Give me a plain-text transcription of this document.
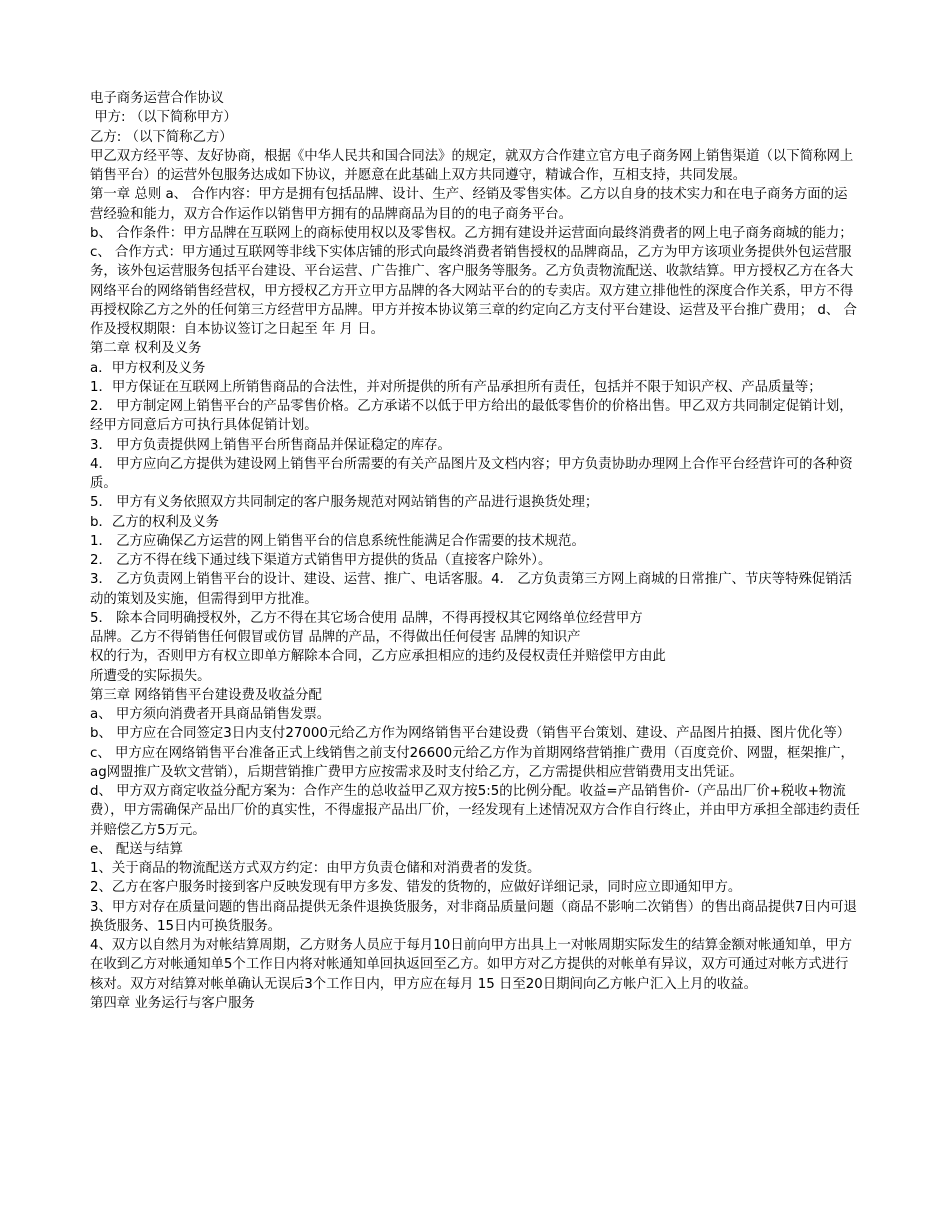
电子商务运营合作协议

甲方: （以下简称甲方）

乙方: （以下简称乙方）

甲乙双方经平等、友好协商，根据《中华人民共和国合同法》的规定，就双方合作建立官方电子商务网上销售渠道（以下简称网上销售平台）的运营外包服务达成如下协议，并愿意在此基础上双方共同遵守，精诚合作，互相支持，共同发展。

第一章 总则 a、 合作内容：甲方是拥有包括品牌、设计、生产、经销及零售实体。乙方以自身的技术实力和在电子商务方面的运营经验和能力，双方合作运作以销售甲方拥有的品牌商品为目的的电子商务平台。

b、 合作条件：甲方品牌在互联网上的商标使用权以及零售权。乙方拥有建设并运营面向最终消费者的网上电子商务商城的能力；

c、 合作方式：甲方通过互联网等非线下实体店铺的形式向最终消费者销售授权的品牌商品，乙方为甲方该项业务提供外包运营服务，该外包运营服务包括平台建设、平台运营、广告推广、客户服务等服务。乙方负责物流配送、收款结算。甲方授权乙方在各大网络平台的网络销售经营权，甲方授权乙方开立甲方品牌的各大网站平台的的专卖店。双方建立排他性的深度合作关系，甲方不得再授权除乙方之外的任何第三方经营甲方品牌。甲方并按本协议第三章的约定向乙方支付平台建设、运营及平台推广费用； d、 合作及授权期限：自本协议签订之日起至 年 月 日。

第二章 权利及义务

a．甲方权利及义务

1．甲方保证在互联网上所销售商品的合法性，并对所提供的所有产品承担所有责任，包括并不限于知识产权、产品质量等；

2． 甲方制定网上销售平台的产品零售价格。乙方承诺不以低于甲方给出的最低零售价的价格出售。甲乙双方共同制定促销计划，经甲方同意后方可执行具体促销计划。

3． 甲方负责提供网上销售平台所售商品并保证稳定的库存。

4． 甲方应向乙方提供为建设网上销售平台所需要的有关产品图片及文档内容；甲方负责协助办理网上合作平台经营许可的各种资质。

5． 甲方有义务依照双方共同制定的客户服务规范对网站销售的产品进行退换货处理；

b．乙方的权利及义务

1． 乙方应确保乙方运营的网上销售平台的信息系统性能满足合作需要的技术规范。

2． 乙方不得在线下通过线下渠道方式销售甲方提供的货品（直接客户除外）。

3． 乙方负责网上销售平台的设计、建设、运营、推广、电话客服。4． 乙方负责第三方网上商城的日常推广、节庆等特殊促销活动的策划及实施，但需得到甲方批准。

5． 除本合同明确授权外，乙方不得在其它场合使用 品牌，不得再授权其它网络单位经营甲方

品牌。乙方不得销售任何假冒或仿冒 品牌的产品，不得做出任何侵害 品牌的知识产

权的行为，否则甲方有权立即单方解除本合同，乙方应承担相应的违约及侵权责任并赔偿甲方由此

所遭受的实际损失。

第三章 网络销售平台建设费及收益分配

a、 甲方须向消费者开具商品销售发票。

b、 甲方应在合同签定3日内支付27000元给乙方作为网络销售平台建设费（销售平台策划、建设、产品图片拍摄、图片优化等）

c、 甲方应在网络销售平台准备正式上线销售之前支付26600元给乙方作为首期网络营销推广费用（百度竞价、网盟，框架推广，ag网盟推广及软文营销），后期营销推广费甲方应按需求及时支付给乙方，乙方需提供相应营销费用支出凭证。

d、 甲方双方商定收益分配方案为：合作产生的总收益甲乙双方按5:5的比例分配。收益=产品销售价-（产品出厂价+税收+物流费），甲方需确保产品出厂价的真实性，不得虚报产品出厂价，一经发现有上述情况双方合作自行终止，并由甲方承担全部违约责任并赔偿乙方5万元。

e、 配送与结算

1、关于商品的物流配送方式双方约定：由甲方负责仓储和对消费者的发货。

2、乙方在客户服务时接到客户反映发现有甲方多发、错发的货物的，应做好详细记录，同时应立即通知甲方。

3、甲方对存在质量问题的售出商品提供无条件退换货服务，对非商品质量问题（商品不影响二次销售）的售出商品提供7日内可退换货服务、15日内可换货服务。

4、双方以自然月为对帐结算周期，乙方财务人员应于每月10日前向甲方出具上一对帐周期实际发生的结算金额对帐通知单，甲方在收到乙方对帐通知单5个工作日内将对帐通知单回执返回至乙方。如甲方对乙方提供的对帐单有异议，双方可通过对帐方式进行核对。双方对结算对帐单确认无误后3个工作日内，甲方应在每月 15 日至20日期间向乙方帐户汇入上月的收益。

第四章 业务运行与客户服务
